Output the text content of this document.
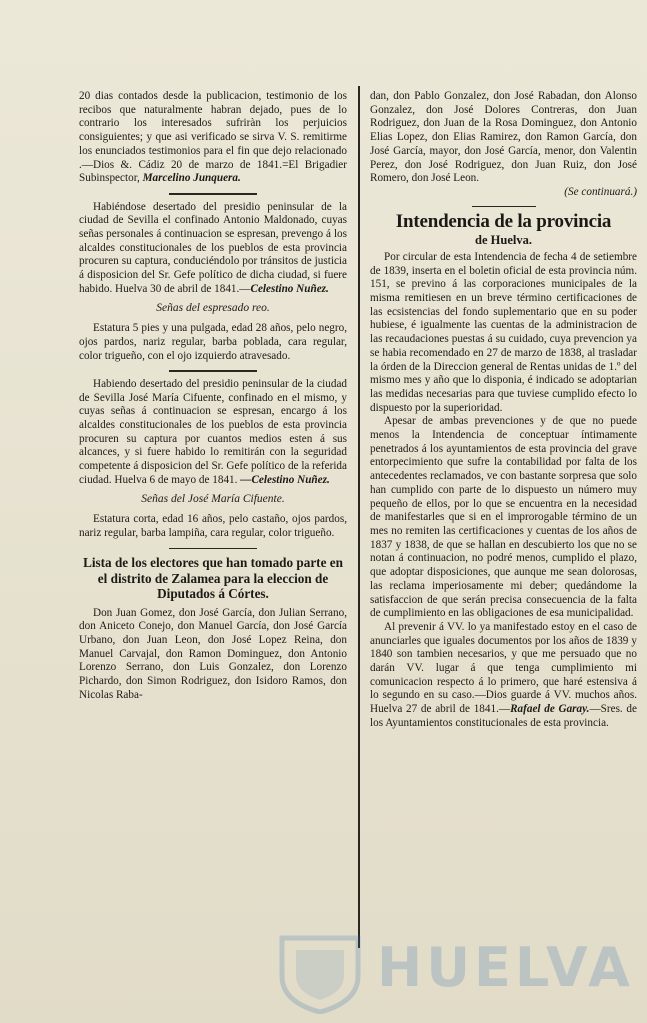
20 dias contados desde la publicacion, testimonio de los recibos que naturalmente habran dejado, pues de lo contrario los interesados sufriràn los perjuicios consiguientes; y que asi verificado se sirva V. S. remitirme los enunciados testimonios para el fin que dejo relacionado .—Dios &. Cádiz 20 de marzo de 1841.=El Brigadier Subinspector, Marcelino Junquera.

Habiéndose desertado del presidio peninsular de la ciudad de Sevilla el confinado Antonio Maldonado, cuyas señas personales á continuacion se espresan, prevengo á los alcaldes constitucionales de los pueblos de esta provincia procuren su captura, conduciéndolo por tránsitos de justicia á disposicion del Sr. Gefe político de dicha ciudad, si fuere habido. Huelva 30 de abril de 1841.—Celestino Nuñez.

Señas del espresado reo.

Estatura 5 pies y una pulgada, edad 28 años, pelo negro, ojos pardos, nariz regular, barba poblada, cara regular, color trigueño, con el ojo izquierdo atravesado.

Habiendo desertado del presidio peninsular de la ciudad de Sevilla José María Cifuente, confinado en el mismo, y cuyas señas á continuacion se espresan, encargo á los alcaldes constitucionales de los pueblos de esta provincia procuren su captura por cuantos medios esten á sus alcances, y si fuere habido lo remitirán con la seguridad competente á disposicion del Sr. Gefe político de la referida ciudad. Huelva 6 de mayo de 1841. —Celestino Nuñez.

Señas del José María Cifuente.

Estatura corta, edad 16 años, pelo castaño, ojos pardos, nariz regular, barba lampiña, cara regular, color trigueño.

Lista de los electores que han tomado parte en el distrito de Zalamea para la eleccion de Diputados á Córtes.

Don Juan Gomez, don José García, don Julian Serrano, don Aniceto Conejo, don Manuel García, don José García Urbano, don Juan Leon, don José Lopez Reina, don Manuel Carvajal, don Ramon Dominguez, don Antonio Lorenzo Serrano, don Luis Gonzalez, don Lorenzo Pichardo, don Simon Rodriguez, don Isidoro Ramos, don Nicolas Raba-

dan, don Pablo Gonzalez, don José Rabadan, don Alonso Gonzalez, don José Dolores Contreras, don Juan Rodriguez, don Juan de la Rosa Dominguez, don Antonio Elias Lopez, don Elias Ramirez, don Ramon García, don José García, mayor, don José García, menor, don Valentin Perez, don José Rodriguez, don Juan Ruiz, don José Romero, don José Leon.

(Se continuará.)
Intendencia de la provincia
de Huelva.

Por circular de esta Intendencia de fecha 4 de setiembre de 1839, inserta en el boletin oficial de esta provincia núm. 151, se previno á las corporaciones municipales de la misma remitiesen en un breve término certificaciones de las ecsistencias del fondo suplementario que en su poder hubiese, é igualmente las cuentas de la administracion de las recaudaciones puestas á su cuidado, cuya prevencion ya se habia recomendado en 27 de marzo de 1838, al trasladar la órden de la Direccion general de Rentas unidas de 1.º del mismo mes y año que lo disponia, é indicado se adoptarian las medidas necesarias para que tuviese cumplido efecto lo dispuesto por la superioridad.

Apesar de ambas prevenciones y de que no puede menos la Intendencia de conceptuar íntimamente penetrados á los ayuntamientos de esta provincia del grave entorpecimiento que sufre la contabilidad por falta de los antecedentes reclamados, ve con bastante sorpresa que solo han cumplido con parte de lo dispuesto un número muy pequeño de ellos, por lo que se encuentra en la necesidad de manifestarles que si en el improrogable término de un mes no remiten las certificaciones y cuentas de los años de 1837 y 1838, de que se hallan en descubierto los que no se notan á continuacion, no podré menos, cumplido el plazo, que adoptar disposiciones, que aunque me sean dolorosas, las reclama imperiosamente mi deber; quedándome la satisfaccion de que serán precisa consecuencia de la falta de cumplimiento en las obligaciones de esa municipalidad.

Al prevenir á VV. lo ya manifestado estoy en el caso de anunciarles que iguales documentos por los años de 1839 y 1840 son tambien necesarios, y que me persuado que no darán VV. lugar á que tenga cumplimiento mi comunicacion respecto á lo primero, que haré estensiva á lo segundo en su caso.—Dios guarde á VV. muchos años. Huelva 27 de abril de 1841.—Rafael de Garay.—Sres. de los Ayuntamientos constitucionales de esta provincia.

HUELVA
